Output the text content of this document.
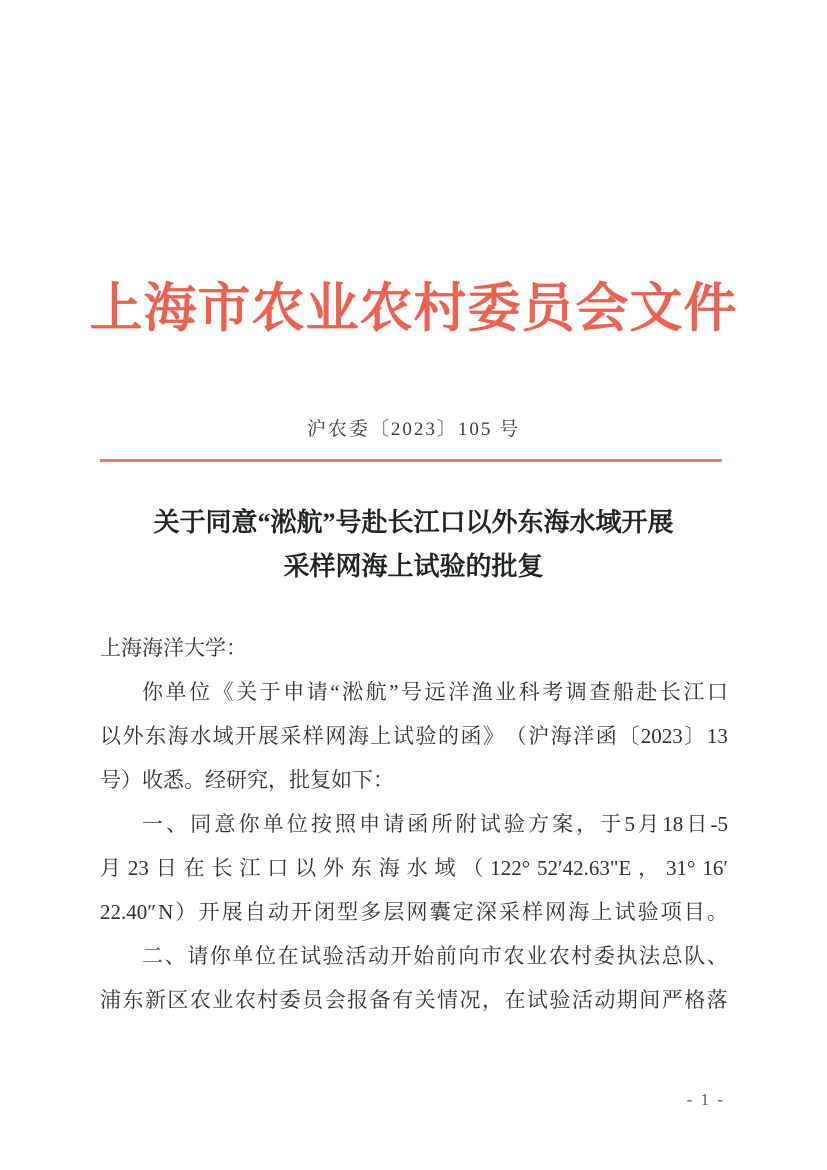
上海市农业农村委员会文件
沪农委〔2023〕105 号
关于同意“淞航”号赴长江口以外东海水域开展
采样网海上试验的批复
上海海洋大学：
你 单 位 《 关 于 申 请 “ 淞 航 ” 号 远 洋 渔 业 科 考 调 查 船 赴 长 江 口
以 外 东 海 水 域 开 展 采 样 网 海 上 试 验 的 函 》 （ 沪 海 洋 函 〔 2023 〕 13
号）收悉。经研究，批复如下：
一 、 同 意 你 单 位 按 照 申 请 函 所 附 试 验 方 案 ， 于 5 月 18 日 -5
月 23 日 在 长 江 口 以 外 东 海 水 域 （ 122° 52′42.63"E ， 31° 16′
22.40″ N ） 开 展 自 动 开 闭 型 多 层 网 囊 定 深 采 样 网 海 上 试 验 项 目 。
二 、 请 你 单 位 在 试 验 活 动 开 始 前 向 市 农 业 农 村 委 执 法 总 队 、
浦 东 新 区 农 业 农 村 委 员 会 报 备 有 关 情 况 ， 在 试 验 活 动 期 间 严 格 落
- 1 -
